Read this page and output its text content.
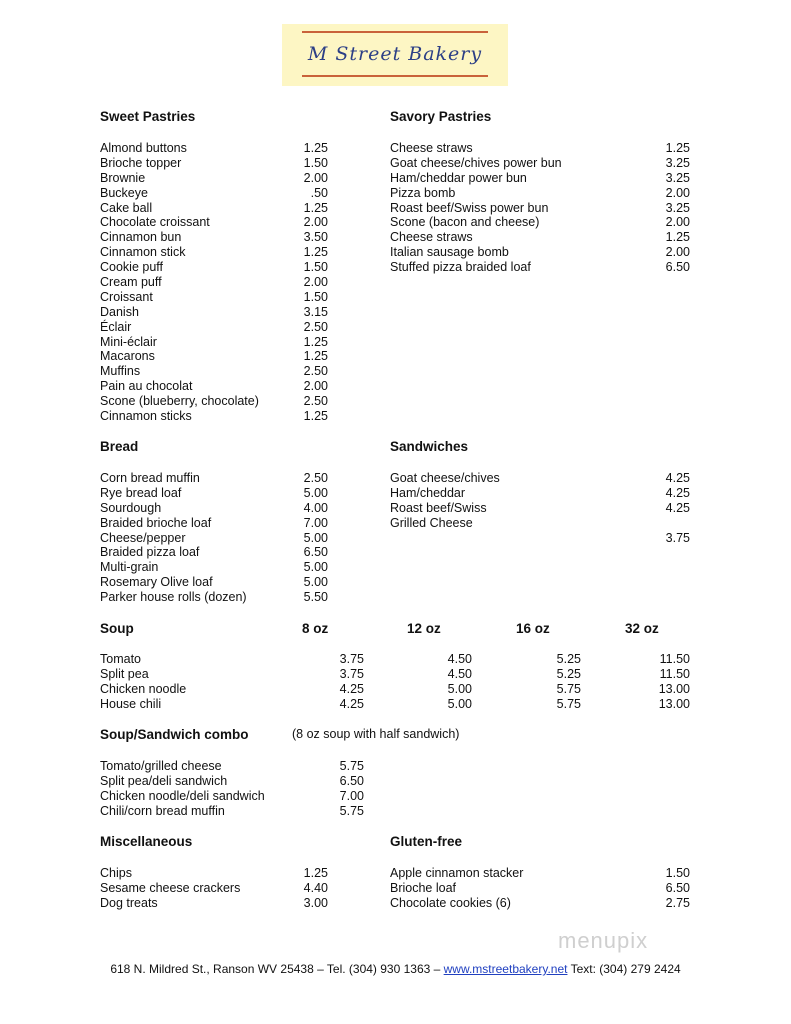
M Street Bakery
Sweet Pastries	Savory Pastries
Bread	Sandwiches
Soup	8 oz	12 oz	16 oz	32 oz
Soup/Sandwich combo	(8 oz soup with half sandwich)
Miscellaneous	Gluten-free
Almond buttons	1.25
Brioche topper	1.50
Brownie	2.00
Buckeye	.50
Cake ball	1.25
Chocolate croissant	2.00
Cinnamon bun	3.50
Cinnamon stick	1.25
Cookie puff	1.50
Cream puff	2.00
Croissant	1.50
Danish	3.15
Éclair	2.50
Mini-éclair	1.25
Macarons	1.25
Muffins	2.50
Pain au chocolat	2.00
Scone (blueberry, chocolate)	2.50
Cinnamon sticks	1.25
Cheese straws	1.25
Goat cheese/chives power bun	3.25
Ham/cheddar power bun	3.25
Pizza bomb	2.00
Roast beef/Swiss power bun	3.25
Scone (bacon and cheese)	2.00
Cheese straws	1.25
Italian sausage bomb	2.00
Stuffed pizza braided loaf	6.50
Corn bread muffin	2.50
Rye bread loaf	5.00
Sourdough	4.00
Braided brioche loaf	7.00
Cheese/pepper	5.00
Braided pizza loaf	6.50
Multi-grain	5.00
Rosemary Olive loaf	5.00
Parker house rolls (dozen)	5.50
Goat cheese/chives	4.25
Ham/cheddar	4.25
Roast beef/Swiss	4.25
Grilled Cheese
3.75
Tomato	3.75	4.50	5.25	11.50
Split pea	3.75	4.50	5.25	11.50
Chicken noodle	4.25	5.00	5.75	13.00
House chili	4.25	5.00	5.75	13.00
Tomato/grilled cheese	5.75
Split pea/deli sandwich	6.50
Chicken noodle/deli sandwich	7.00
Chili/corn bread muffin	5.75
Chips	1.25
Sesame cheese crackers	4.40
Dog treats	3.00
Apple cinnamon stacker	1.50
Brioche loaf	6.50
Chocolate cookies (6)	2.75
menupix
618 N. Mildred St., Ranson WV 25438 – Tel. (304) 930 1363 – www.mstreetbakery.net Text: (304) 279 2424
